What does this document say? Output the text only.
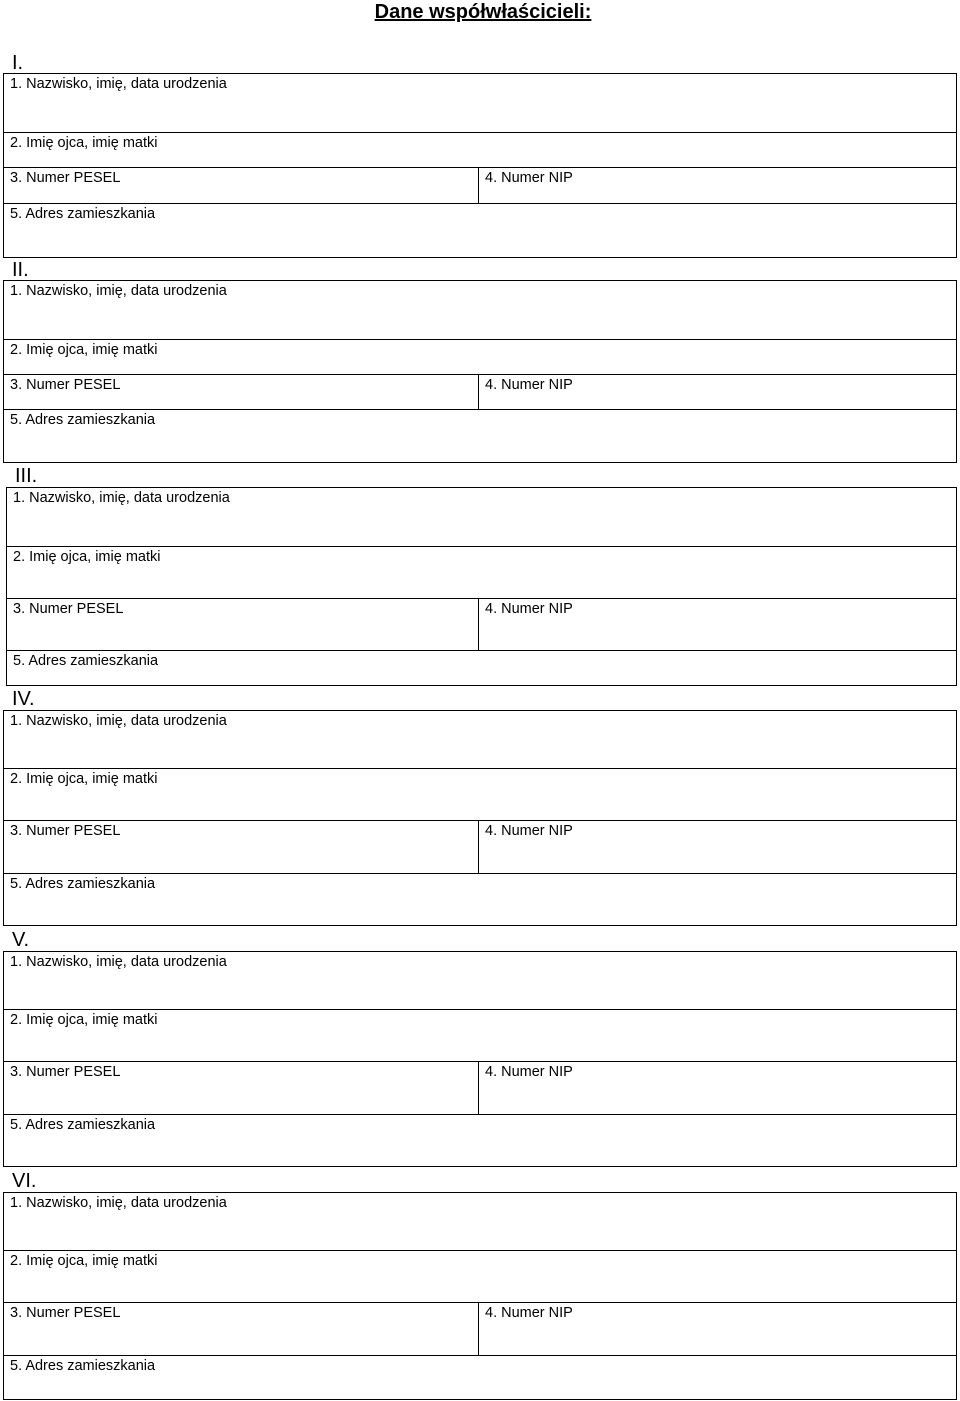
Dane współwłaścicieli:
I.
1. Nazwisko, imię, data urodzenia
2. Imię ojca, imię matki
3. Numer PESEL	4. Numer NIP
5. Adres zamieszkania
II.
1. Nazwisko, imię, data urodzenia
2. Imię ojca, imię matki
3. Numer PESEL	4. Numer NIP
5. Adres zamieszkania
III.
1. Nazwisko, imię, data urodzenia
2. Imię ojca, imię matki
3. Numer PESEL	4. Numer NIP
5. Adres zamieszkania
IV.
1. Nazwisko, imię, data urodzenia
2. Imię ojca, imię matki
3. Numer PESEL	4. Numer NIP
5. Adres zamieszkania
V.
1. Nazwisko, imię, data urodzenia
2. Imię ojca, imię matki
3. Numer PESEL	4. Numer NIP
5. Adres zamieszkania
VI.
1. Nazwisko, imię, data urodzenia
2. Imię ojca, imię matki
3. Numer PESEL	4. Numer NIP
5. Adres zamieszkania
